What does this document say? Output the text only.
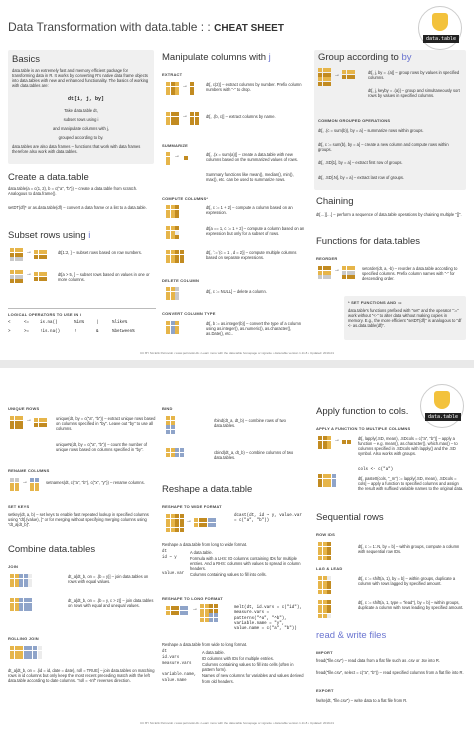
Data Transformation with data.table : : CHEAT SHEET
data.table
Basics
data.table is an extremely fast and memory efficient package for transforming data in R. It works by converting R's native data frame objects into data.tables with new and enhanced functionality. The basics of working with data.tables are:
dt[i, j, by]
Take data.table dt,
subset rows using i
and manipulate columns with j,
grouped according to by.
data.tables are also data frames – functions that work with data frames therefore also work with data.tables.
Create a data.table
data.table(a = c(1, 2), b = c("a", "b")) – create a data.table from scratch. Analogous to data.frame().
setDT(df)* or as.data.table(df) – convert a data frame or a list to a data.table.
Subset rows using i
→	dt[1:2, ] – subset rows based on row numbers.
→	dt[a > 5, ] – subset rows based on values in one or more columns.
LOGICAL OPERATORS TO USE IN i
<	<=	is.na()	%in%	|	%like%
>	>=	!is.na()	!	&	%between%
Manipulate columns with j
EXTRACT
→	dt[, c(2)] – extract columns by number. Prefix column numbers with "-" to drop.
→	dt[, .(b, c)] – extract columns by name.
SUMMARIZE
→	dt[, .(x = sum(a))] – create a data.table with new columns based on the summarized values of rows.
Summary functions like mean(), median(), min(), max(), etc. can be used to summarize rows.
COMPUTE COLUMNS*
dt[, c := 1 + 2] – compute a column based on an expression.
dt[a == 1, c := 1 + 2] – compute a column based on an expression but only for a subset of rows.
dt[, `:=`(c = 1 , d = 2)] – compute multiple columns based on separate expressions.
DELETE COLUMN
dt[, c := NULL] – delete a column.
CONVERT COLUMN TYPE
dt[, b := as.integer(b)] – convert the type of a column using as.integer(), as.numeric(), as.character(), as.Date(), etc..
Group according to by
→	dt[, j, by = .(a)] – group rows by values in specified columns.
dt[, j, keyby = .(a)] – group and simultaneously sort rows by values in specified columns.
COMMON GROUPED OPERATIONS
dt[, .(c = sum(b)), by = a] – summarize rows within groups.
dt[, c := sum(b), by = a] – create a new column and compute rows within groups.
dt[, .SD[1], by = a] – extract first row of groups.
dt[, .SD[.N], by = a] – extract last row of groups.
Chaining
dt[…][…] – perform a sequence of data.table operations by chaining multiple "[]".
Functions for data.tables
REORDER
→	setorder(dt, a, -b) – reorder a data.table according to specified columns. Prefix column names with "-" for descending order.
* SET FUNCTIONS AND :=
data.table's functions prefixed with "set" and the operator ":=" work without "<-" to alter data without making copies in memory. E.g., the more efficient "setDT(df)" is analogous to "df <- as.data.table(df)".
CC BY SA Erik Petrovski • www.petrovski.dk • Learn more with the data.table homepage or vignette • data.table version 1.11.8 • Updated: 2019-01
data.table
UNIQUE ROWS
→	unique(dt, by = c("a", "b")) – extract unique rows based on columns specified in "by". Leave out "by" to use all columns.
uniqueN(dt, by = c("a", "b")) – count the number of unique rows based on columns specified in "by".
RENAME COLUMNS
→	setnames(dt, c("a", "b"), c("x", "y")) – rename columns.
SET KEYS
setkey(dt, a, b) – set keys to enable fast repeated lookup in specified columns using "dt[.(value), ]" or for merging without specifying merging columns using "dt_a[dt_b]".
Combine data.tables
JOIN
dt_a[dt_b, on = .(b = y)] – join data.tables on rows with equal values.
dt_a[dt_b, on = .(b = y, c > z)] – join data.tables on rows with equal and unequal values.
ROLLING JOIN
dt_a[dt_b, on = .(id = id, date = date), roll = TRUE] – join data.tables on matching rows in id columns but only keep the most recent preceding match with the left data.table according to date columns. "roll = -Inf" reverses direction.
BIND
rbind(dt_a, dt_b) – combine rows of two data.tables.
cbind(dt_a, dt_b) – combine columns of two data.tables.
Reshape a data.table
RESHAPE TO WIDE FORMAT
→
dcast(dt, id ~ y, value.var = c("a", "b"))
Reshape a data.table from long to wide format.
dt	A data.table.
id ~ y	Formula with a LHS: ID columns containing IDs for multiple entries. And a RHS: columns with values to spread in column headers.
value.var	Columns containing values to fill into cells.
RESHAPE TO LONG FORMAT
→	melt(dt, id.vars = c("id"), measure.vars = patterns("^a", "^b"), variable.name = "y", value.name = c("a", "b"))
Reshape a data.table from wide to long format.
dt	A data.table.
id.vars	ID columns with IDs for multiple entries.
measure.vars	Columns containing values to fill into cells (often in pattern form).
variable.name, value.name
Names of new columns for variables and values derived from old headers.
Apply function to cols.
APPLY A FUNCTION TO MULTIPLE COLUMNS
→	dt[, lapply(.SD, mean), .SDcols = c("a", "b")] – apply a function – e.g. mean(), as.character(), which.max() – to columns specified in .SDcols with lapply() and the .SD symbol. Also works with groups.
cols <- c("a")
dt[, paste0(cols, "_m") := lapply(.SD, mean), .SDcols = cols] – apply a function to specified columns and assign the result with suffixed variable names to the original data.
Sequential rows
ROW IDS
dt[, c := 1:.N, by = b] – within groups, compute a column with sequential row IDs.
LAG & LEAD
dt[, c := shift(a, 1), by = b] – within groups, duplicate a column with rows lagged by specified amount.
dt[, c := shift(a, 1, type = "lead"), by = b] – within groups, duplicate a column with rows leading by specified amount.
read & write files
IMPORT
fread("file.csv") – read data from a flat file such as .csv or .tsv into R.
fread("file.csv", select = c("a", "b")) – read specified columns from a flat file into R.
EXPORT
fwrite(dt, "file.csv") – write data to a flat file from R.
CC BY SA Erik Petrovski • www.petrovski.dk • Learn more with the data.table homepage or vignette • data.table version 1.11.8 • Updated: 2019-01
